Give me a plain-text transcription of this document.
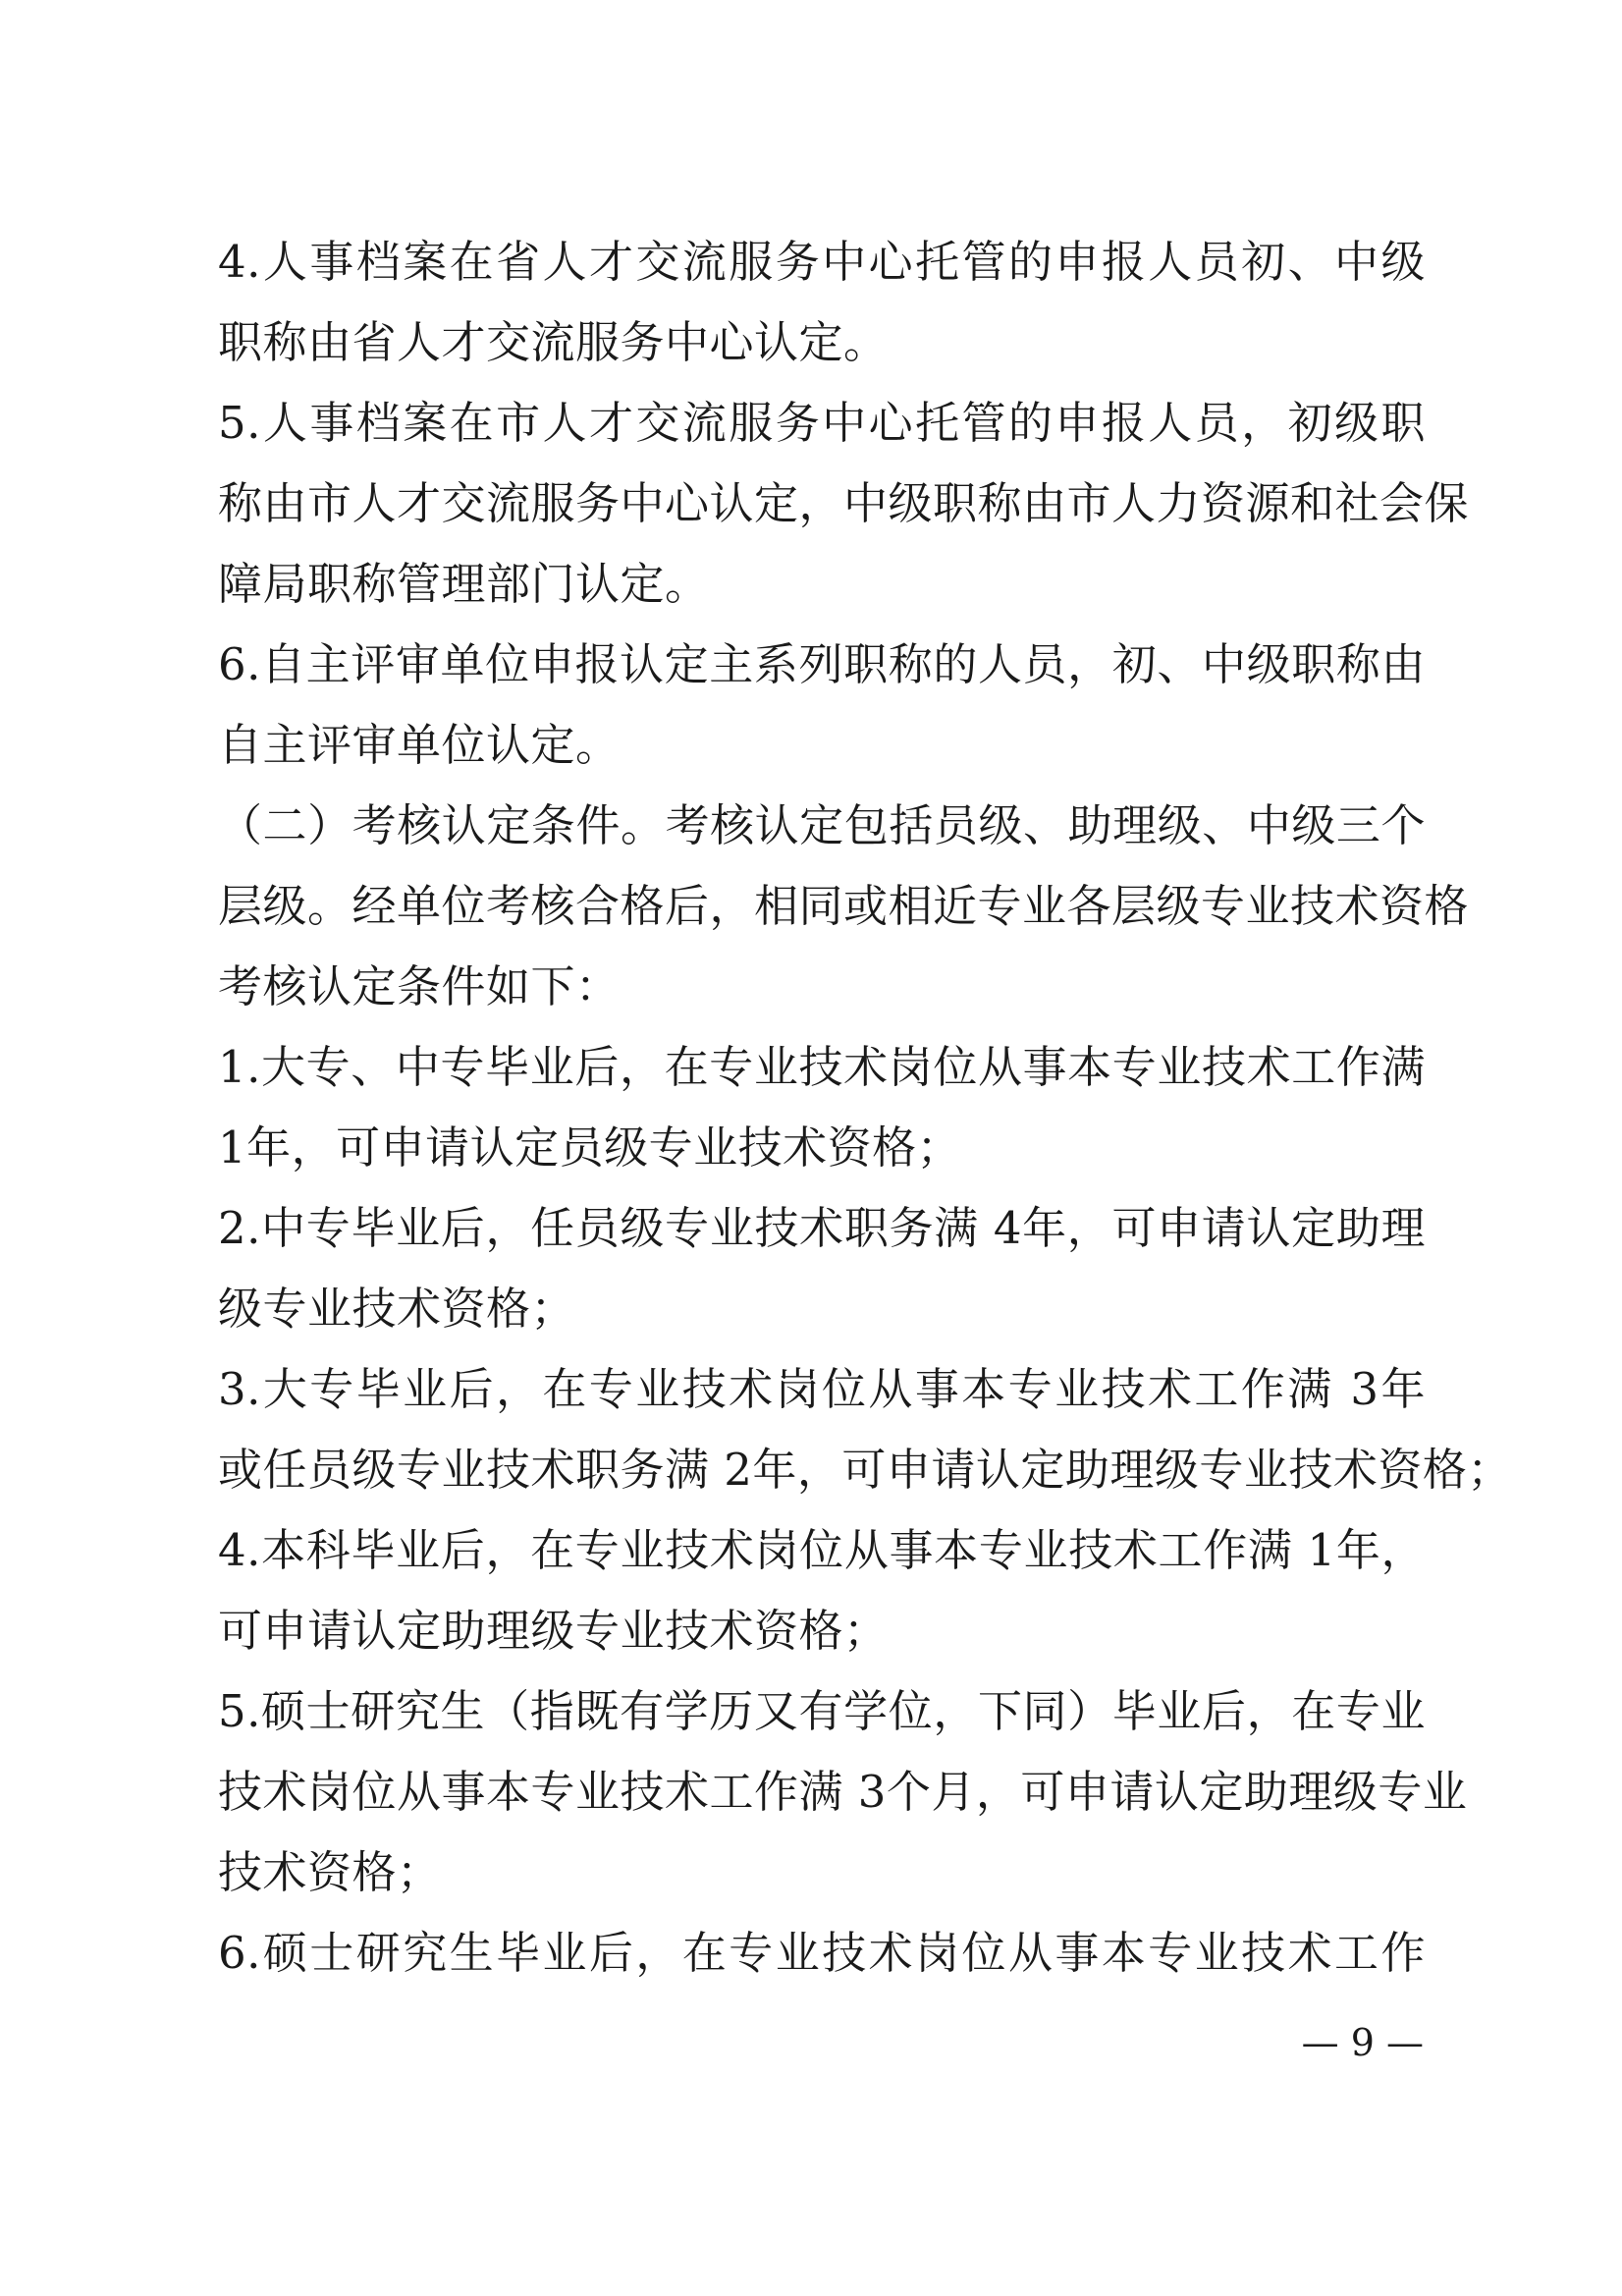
4.人事档案在省人才交流服务中心托管的申报人员初、中级
职称由省人才交流服务中心认定。
5.人事档案在市人才交流服务中心托管的申报人员，初级职
称由市人才交流服务中心认定，中级职称由市人力资源和社会保
障局职称管理部门认定。
6.自主评审单位申报认定主系列职称的人员，初、中级职称由
自主评审单位认定。
（二）考核认定条件。考核认定包括员级、助理级、中级三个
层级。经单位考核合格后，相同或相近专业各层级专业技术资格
考核认定条件如下：
1.大专、中专毕业后，在专业技术岗位从事本专业技术工作满
1年，可申请认定员级专业技术资格；
2.中专毕业后，任员级专业技术职务满 4年，可申请认定助理
级专业技术资格；
3.大专毕业后，在专业技术岗位从事本专业技术工作满 3年
或任员级专业技术职务满 2年，可申请认定助理级专业技术资格；
4.本科毕业后，在专业技术岗位从事本专业技术工作满 1年，
可申请认定助理级专业技术资格；
5.硕士研究生（指既有学历又有学位，下同）毕业后，在专业
技术岗位从事本专业技术工作满 3个月，可申请认定助理级专业
技术资格；
6.硕士研究生毕业后，在专业技术岗位从事本专业技术工作
— 9 —
